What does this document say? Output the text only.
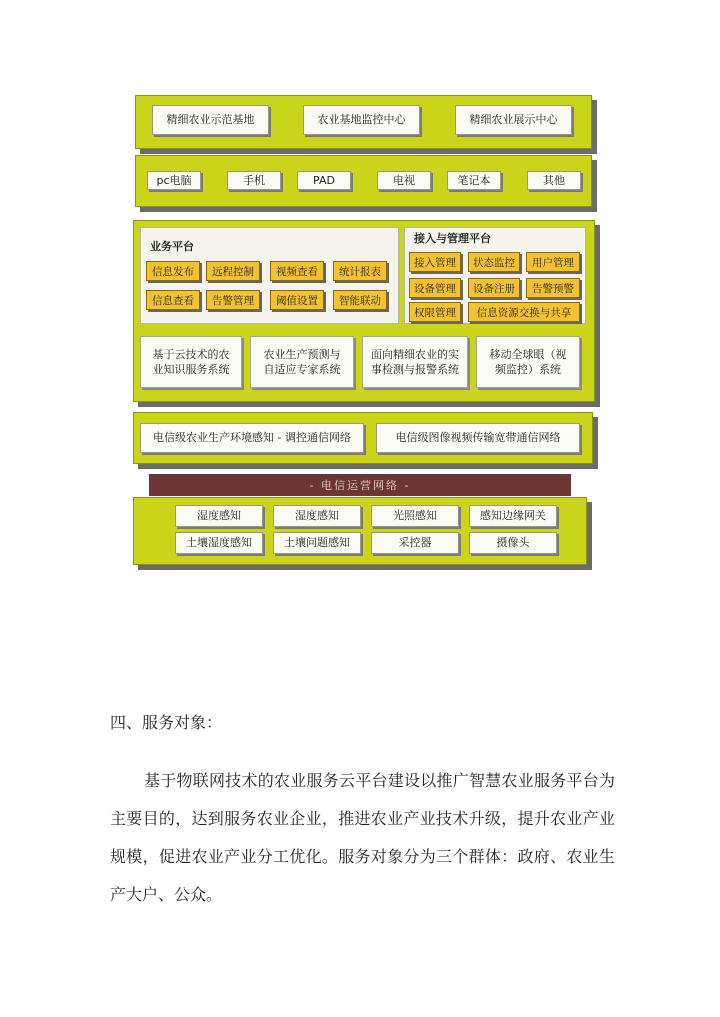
精细农业示范基地	农业基地监控中心	精细农业展示中心
pc电脑	手机	PAD	电视	笔记本	其他
业务平台
信息发布	远程控制	视频查看	统计报表
信息查看	告警管理	阈值设置	智能联动
接入与管理平台
接入管理	状态监控	用户管理
设备管理	设备注册	告警预警
权限管理	信息资源交换与共享
基于云技术的农
业知识服务系统
农业生产预测与
自适应专家系统
面向精细农业的实
事检测与报警系统
移动全球眼（视
频监控）系统
电信级农业生产环境感知 - 调控通信网络	电信级图像视频传输宽带通信网络
- 电信运营网络 -
湿度感知	湿度感知	光照感知	感知边缘网关
土壤湿度感知	土壤问题感知	采控器	摄像头
四、服务对象：
基于物联网技术的农业服务云平台建设以推广智慧农业服务平台为主要目的，达到服务农业企业，推进农业产业技术升级，提升农业产业规模，促进农业产业分工优化。服务对象分为三个群体：政府、农业生产大户、公众。
